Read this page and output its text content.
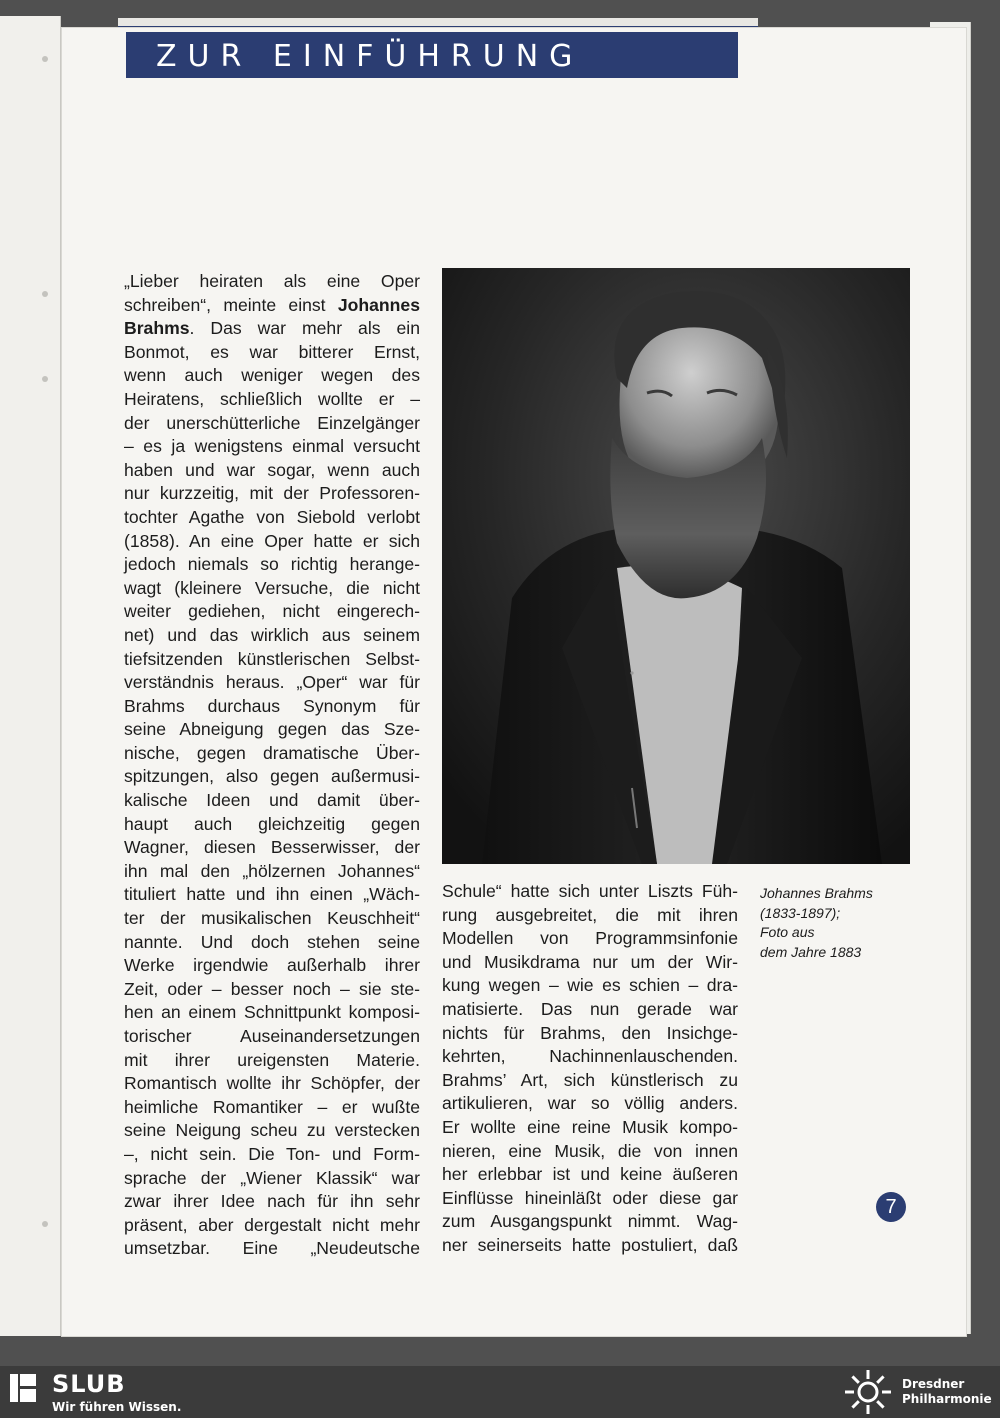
ZUR EINFÜHRUNG
„Lieber heiraten als eine Oper
schreiben“, meinte einst Johannes
Brahms. Das war mehr als ein
Bonmot, es war bitterer Ernst,
wenn auch weniger wegen des
Heiratens, schließlich wollte er –
der unerschütterliche Einzelgänger
– es ja wenigstens einmal versucht
haben und war sogar, wenn auch
nur kurzzeitig, mit der Professoren-
tochter Agathe von Siebold verlobt
(1858). An eine Oper hatte er sich
jedoch niemals so richtig herange-
wagt (kleinere Versuche, die nicht
weiter gediehen, nicht eingerech-
net) und das wirklich aus seinem
tiefsitzenden künstlerischen Selbst-
verständnis heraus. „Oper“ war für
Brahms durchaus Synonym für
seine Abneigung gegen das Sze-
nische, gegen dramatische Über-
spitzungen, also gegen außermusi-
kalische Ideen und damit über-
haupt auch gleichzeitig gegen
Wagner, diesen Besserwisser, der
ihn mal den „hölzernen Johannes“
tituliert hatte und ihn einen „Wäch-
ter der musikalischen Keuschheit“
nannte. Und doch stehen seine
Werke irgendwie außerhalb ihrer
Zeit, oder – besser noch – sie ste-
hen an einem Schnittpunkt komposi-
torischer Auseinandersetzungen
mit ihrer ureigensten Materie.
Romantisch wollte ihr Schöpfer, der
heimliche Romantiker – er wußte
seine Neigung scheu zu verstecken
–, nicht sein. Die Ton- und Form-
sprache der „Wiener Klassik“ war
zwar ihrer Idee nach für ihn sehr
präsent, aber dergestalt nicht mehr
umsetzbar. Eine „Neudeutsche

Schule“ hatte sich unter Liszts Füh-
rung ausgebreitet, die mit ihren
Modellen von Programmsinfonie
und Musikdrama nur um der Wir-
kung wegen – wie es schien – dra-
matisierte. Das nun gerade war
nichts für Brahms, den Insichge-
kehrten, Nachinnenlauschenden.
Brahms’ Art, sich künstlerisch zu
artikulieren, war so völlig anders.
Er wollte eine reine Musik kompo-
nieren, eine Musik, die von innen
her erlebbar ist und keine äußeren
Einflüsse hineinläßt oder diese gar
zum Ausgangspunkt nimmt. Wag-
ner seinerseits hatte postuliert, daß
Johannes Brahms
(1833-1897);
Foto aus
dem Jahre 1883
7
SLUB
Wir führen Wissen.
Dresdner
Philharmonie
